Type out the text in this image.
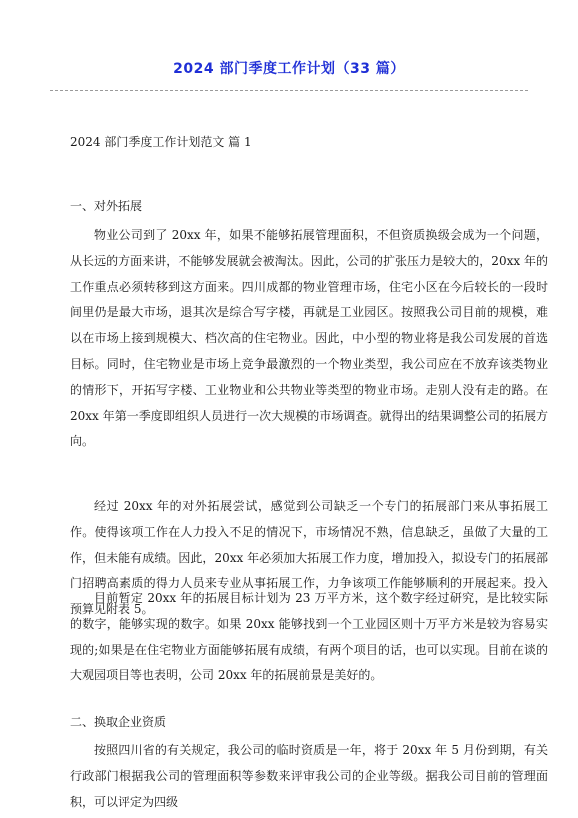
2024 部门季度工作计划（33 篇）
2024 部门季度工作计划范文 篇 1
一、对外拓展
物业公司到了 20xx 年，如果不能够拓展管理面积，不但资质换级会成为一个问题，从长远的方面来讲，不能够发展就会被淘汰。因此，公司的扩张压力是较大的，20xx 年的工作重点必须转移到这方面来。四川成都的物业管理市场，住宅小区在今后较长的一段时间里仍是最大市场，退其次是综合写字楼，再就是工业园区。按照我公司目前的规模，难以在市场上接到规模大、档次高的住宅物业。因此，中小型的物业将是我公司发展的首选目标。同时，住宅物业是市场上竞争最激烈的一个物业类型，我公司应在不放弃该类物业的情形下，开拓写字楼、工业物业和公共物业等类型的物业市场。走别人没有走的路。在 20xx 年第一季度即组织人员进行一次大规模的市场调查。就得出的结果调整公司的拓展方向。
经过 20xx 年的对外拓展尝试，感觉到公司缺乏一个专门的拓展部门来从事拓展工作。使得该项工作在人力投入不足的情况下，市场情况不熟，信息缺乏，虽做了大量的工作，但未能有成绩。因此，20xx 年必须加大拓展工作力度，增加投入，拟设专门的拓展部门招聘高素质的得力人员来专业从事拓展工作，力争该项工作能够顺利的开展起来。投入预算见附表 5。
目前暂定 20xx 年的拓展目标计划为 23 万平方米，这个数字经过研究，是比较实际的数字，能够实现的数字。如果 20xx 能够找到一个工业园区则十万平方米是较为容易实现的;如果是在住宅物业方面能够拓展有成绩，有两个项目的话，也可以实现。目前在谈的大观园项目等也表明，公司 20xx 年的拓展前景是美好的。
二、换取企业资质
按照四川省的有关规定，我公司的临时资质是一年，将于 20xx 年 5 月份到期，有关行政部门根据我公司的管理面积等参数来评审我公司的企业等级。据我公司目前的管理面积，可以评定为四级
